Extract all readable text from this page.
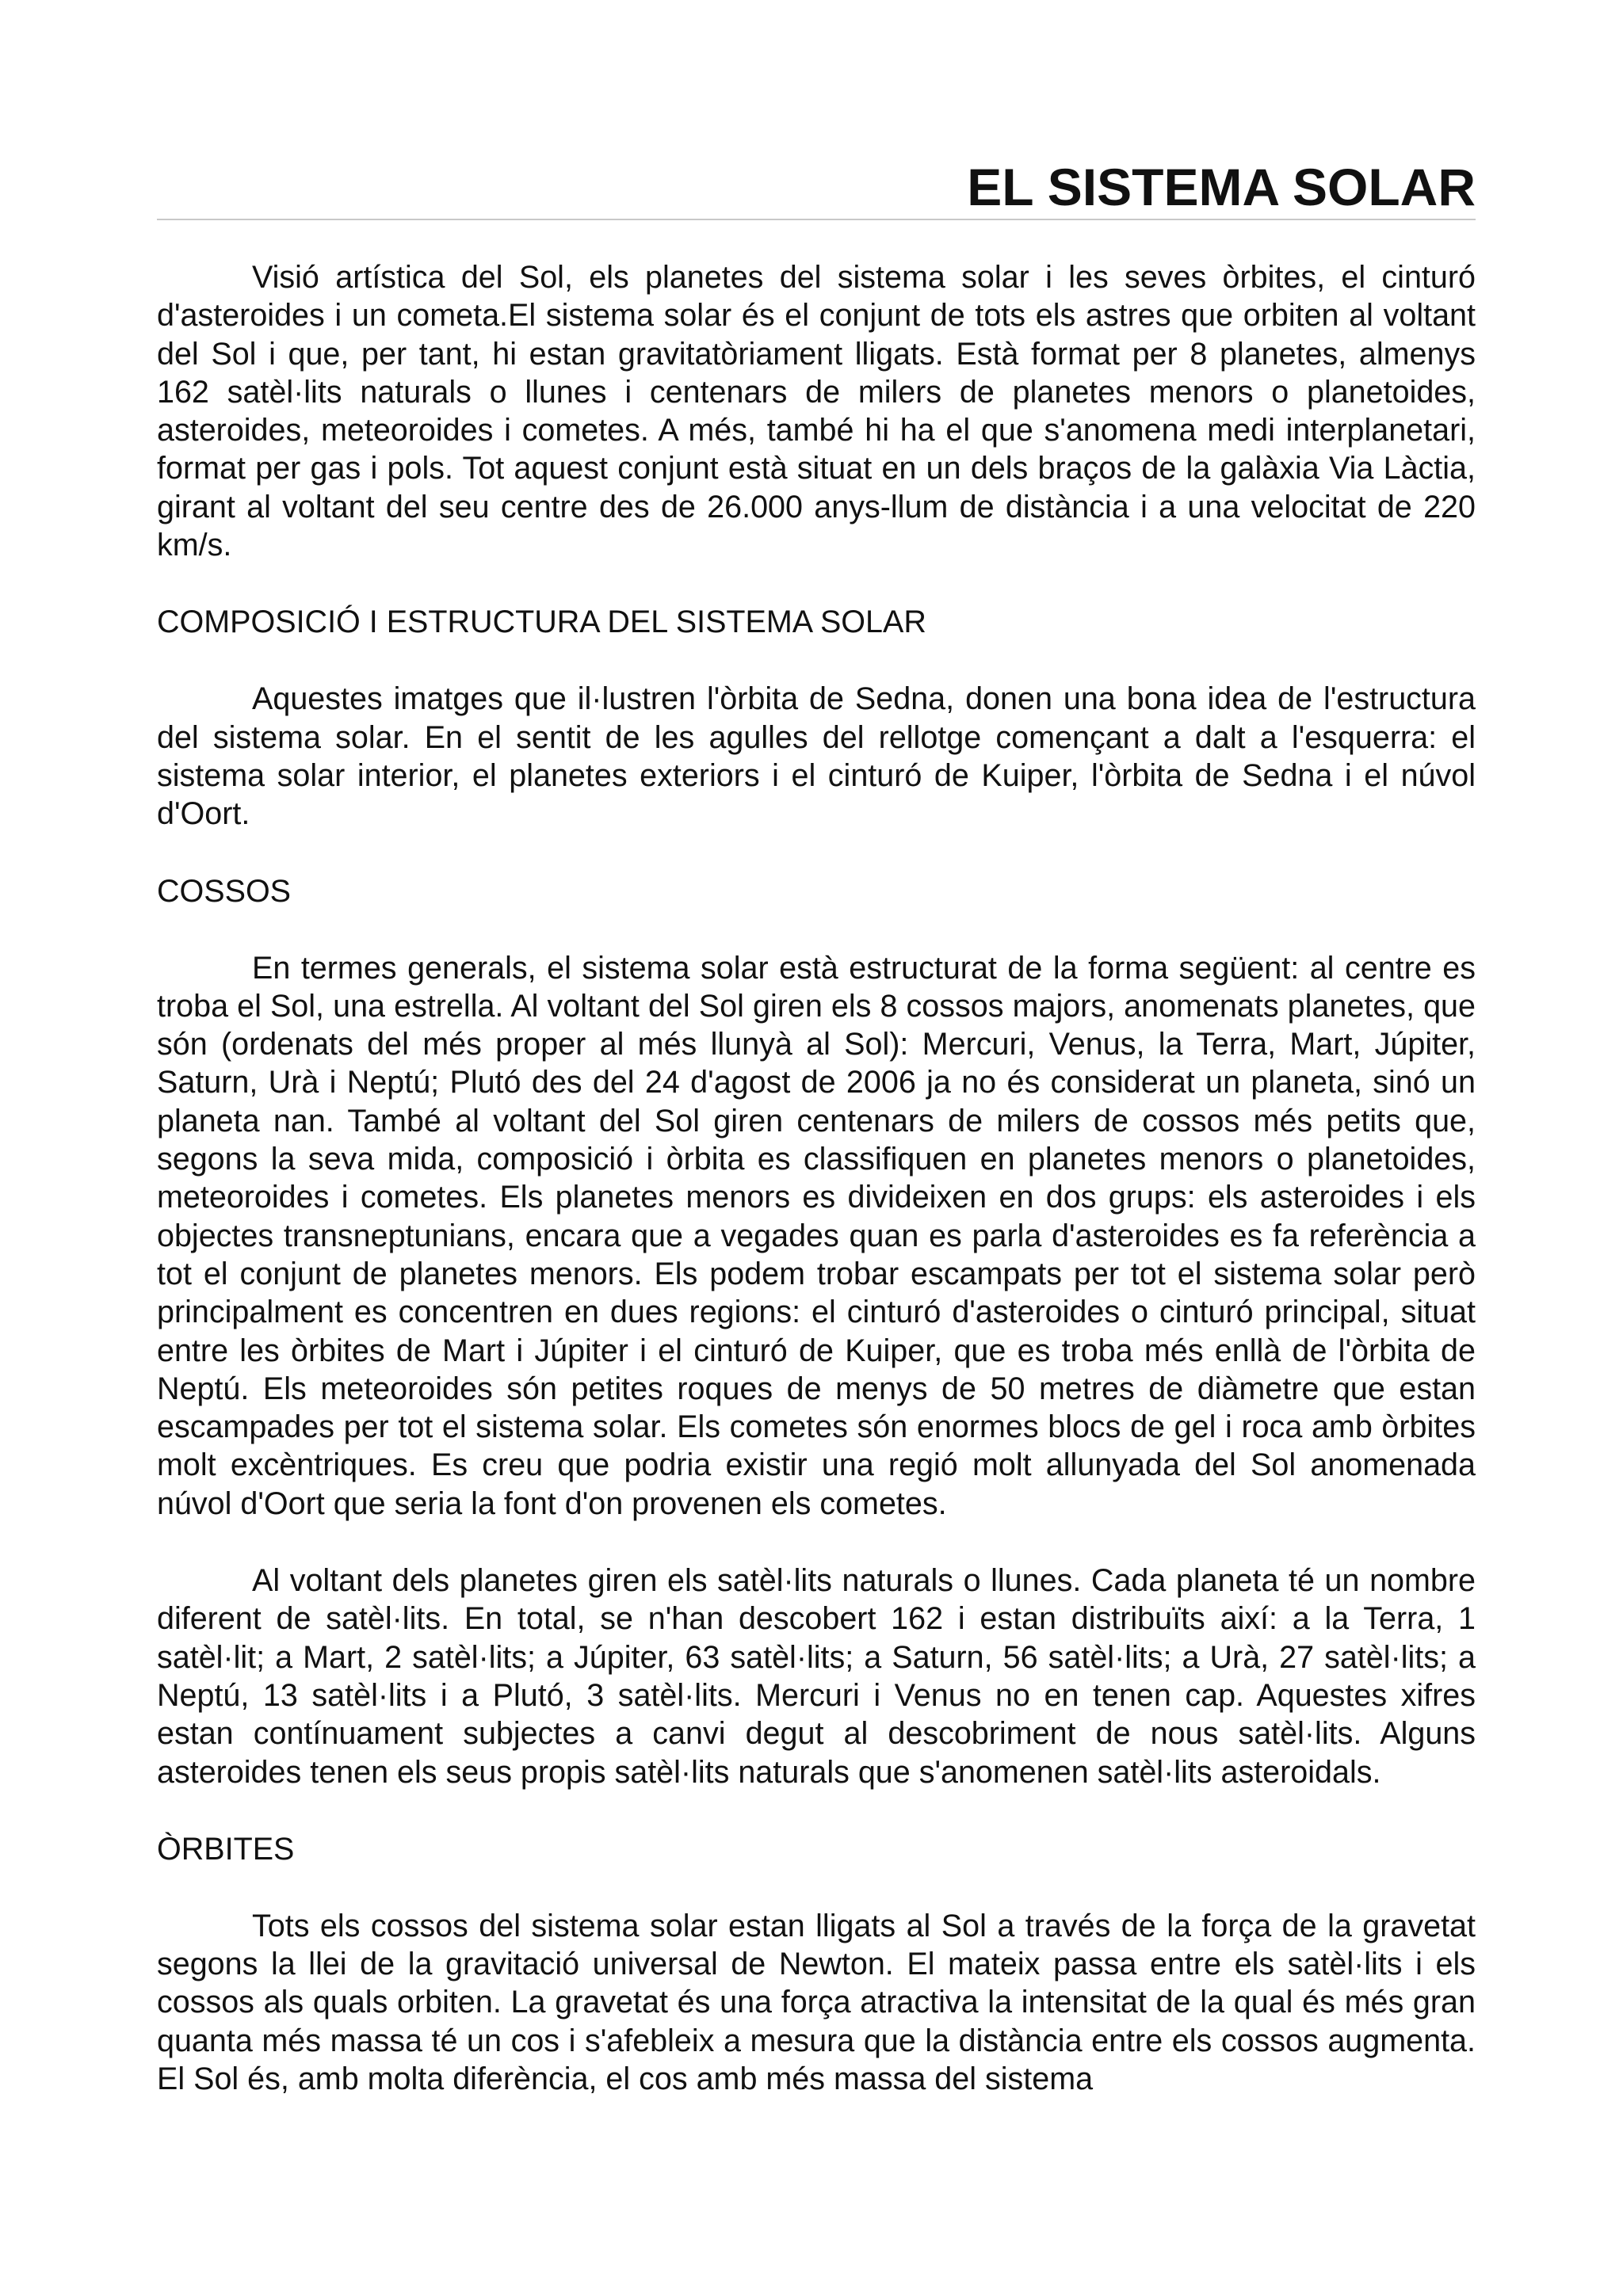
EL SISTEMA SOLAR

Visió artística del Sol, els planetes del sistema solar i les seves òrbites, el cinturó d'asteroides i un cometa.El sistema solar és el conjunt de tots els astres que orbiten al voltant del Sol i que, per tant, hi estan gravitatòriament lligats. Està format per 8 planetes, almenys 162 satèl·lits naturals o llunes i centenars de milers de planetes menors o planetoides, asteroides, meteoroides i cometes. A més, també hi ha el que s'anomena medi interplanetari, format per gas i pols. Tot aquest conjunt està situat en un dels braços de la galàxia Via Làctia, girant al voltant del seu centre des de 26.000 anys-llum de distància i a una velocitat de 220 km/s.

COMPOSICIÓ I ESTRUCTURA DEL SISTEMA SOLAR

Aquestes imatges que il·lustren l'òrbita de Sedna, donen una bona idea de l'estructura del sistema solar. En el sentit de les agulles del rellotge començant a dalt a l'esquerra: el sistema solar interior, el planetes exteriors i el cinturó de Kuiper, l'òrbita de Sedna i el núvol d'Oort.

COSSOS

En termes generals, el sistema solar està estructurat de la forma següent: al centre es troba el Sol, una estrella. Al voltant del Sol giren els 8 cossos majors, anomenats planetes, que són (ordenats del més proper al més llunyà al Sol): Mercuri, Venus, la Terra, Mart, Júpiter, Saturn, Urà i Neptú; Plutó des del 24 d'agost de 2006 ja no és considerat un planeta, sinó un planeta nan. També al voltant del Sol giren centenars de milers de cossos més petits que, segons la seva mida, composició i òrbita es classifiquen en planetes menors o planetoides, meteoroides i cometes. Els planetes menors es divideixen en dos grups: els asteroides i els objectes transneptunians, encara que a vegades quan es parla d'asteroides es fa referència a tot el conjunt de planetes menors. Els podem trobar escampats per tot el sistema solar però principalment es concentren en dues regions: el cinturó d'asteroides o cinturó principal, situat entre les òrbites de Mart i Júpiter i el cinturó de Kuiper, que es troba més enllà de l'òrbita de Neptú. Els meteoroides són petites roques de menys de 50 metres de diàmetre que estan escampades per tot el sistema solar. Els cometes són enormes blocs de gel i roca amb òrbites molt excèntriques. Es creu que podria existir una regió molt allunyada del Sol anomenada núvol d'Oort que seria la font d'on provenen els cometes.

Al voltant dels planetes giren els satèl·lits naturals o llunes. Cada planeta té un nombre diferent de satèl·lits. En total, se n'han descobert 162 i estan distribuïts així: a la Terra, 1 satèl·lit; a Mart, 2 satèl·lits; a Júpiter, 63 satèl·lits; a Saturn, 56 satèl·lits; a Urà, 27 satèl·lits; a Neptú, 13 satèl·lits i a Plutó, 3 satèl·lits. Mercuri i Venus no en tenen cap. Aquestes xifres estan contínuament subjectes a canvi degut al descobriment de nous satèl·lits. Alguns asteroides tenen els seus propis satèl·lits naturals que s'anomenen satèl·lits asteroidals.

ÒRBITES

Tots els cossos del sistema solar estan lligats al Sol a través de la força de la gravetat segons la llei de la gravitació universal de Newton. El mateix passa entre els satèl·lits i els cossos als quals orbiten. La gravetat és una força atractiva la intensitat de la qual és més gran quanta més massa té un cos i s'afebleix a mesura que la distància entre els cossos augmenta. El Sol és, amb molta diferència, el cos amb més massa del sistema
